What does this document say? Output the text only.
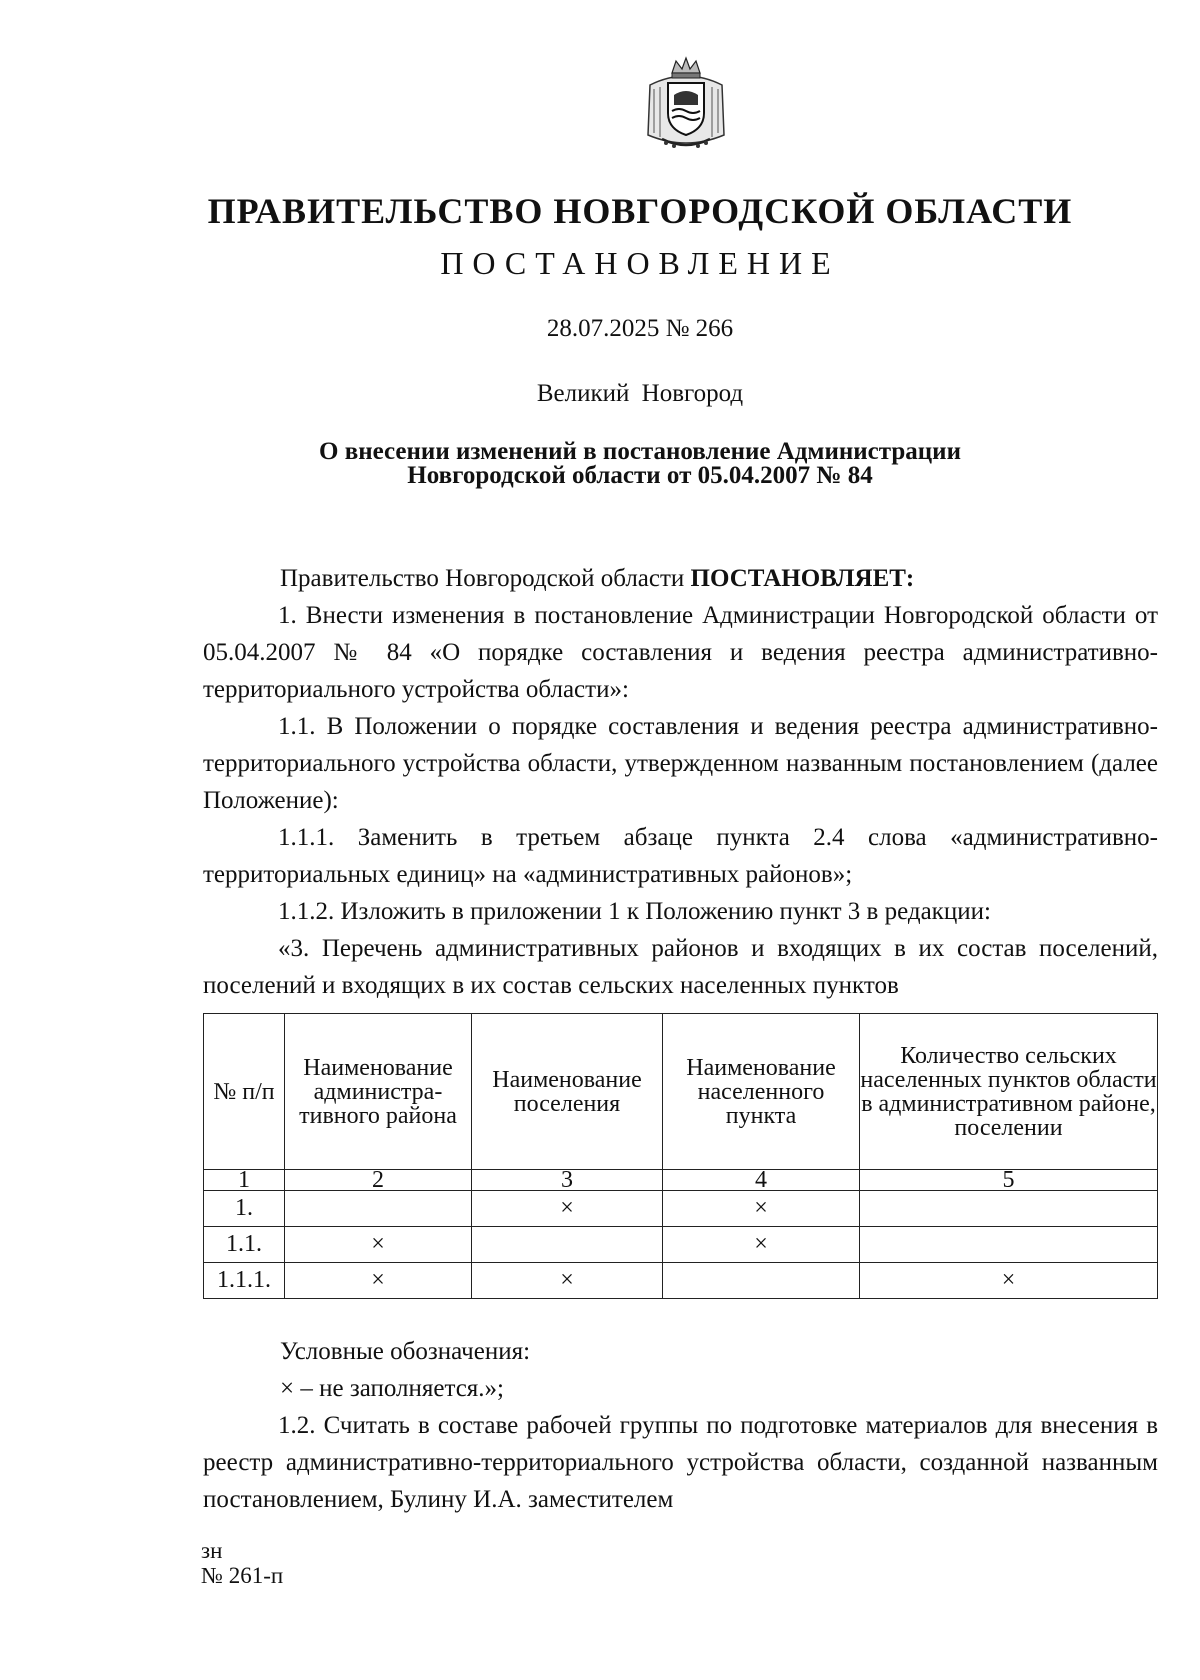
ПРАВИТЕЛЬСТВО НОВГОРОДСКОЙ ОБЛАСТИ
ПОСТАНОВЛЕНИЕ
28.07.2025 № 266
Великий Новгород
О внесении изменений в постановление Администрации
Новгородской области от 05.04.2007 № 84

Правительство Новгородской области ПОСТАНОВЛЯЕТ:

1. Внести изменения в постановление Администрации Новгородской области от 05.04.2007 № 84 «О порядке составления и ведения реестра административно-территориального устройства области»:

1.1. В Положении о порядке составления и ведения реестра административно-территориального устройства области, утвержденном названным постановлением (далее Положение):

1.1.1. Заменить в третьем абзаце пункта 2.4 слова «административно-территориальных единиц» на «административных районов»;

1.1.2. Изложить в приложении 1 к Положению пункт 3 в редакции:

«3. Перечень административных районов и входящих в их состав поселений, поселений и входящих в их состав сельских населенных пунктов

№ п/п	Наименование администра-тивного района	Наименование поселения	Наименование населенного пункта	Количество сельских населенных пунктов области в административном районе, поселении
1	2	3	4	5
1.		×	×	
1.1.	×		×	
1.1.1.	×	×		×

Условные обозначения:

× – не заполняется.»;

1.2. Считать в составе рабочей группы по подготовке материалов для внесения в реестр административно-территориального устройства области, созданной названным постановлением, Булину И.А. заместителем

зн
№ 261-п
